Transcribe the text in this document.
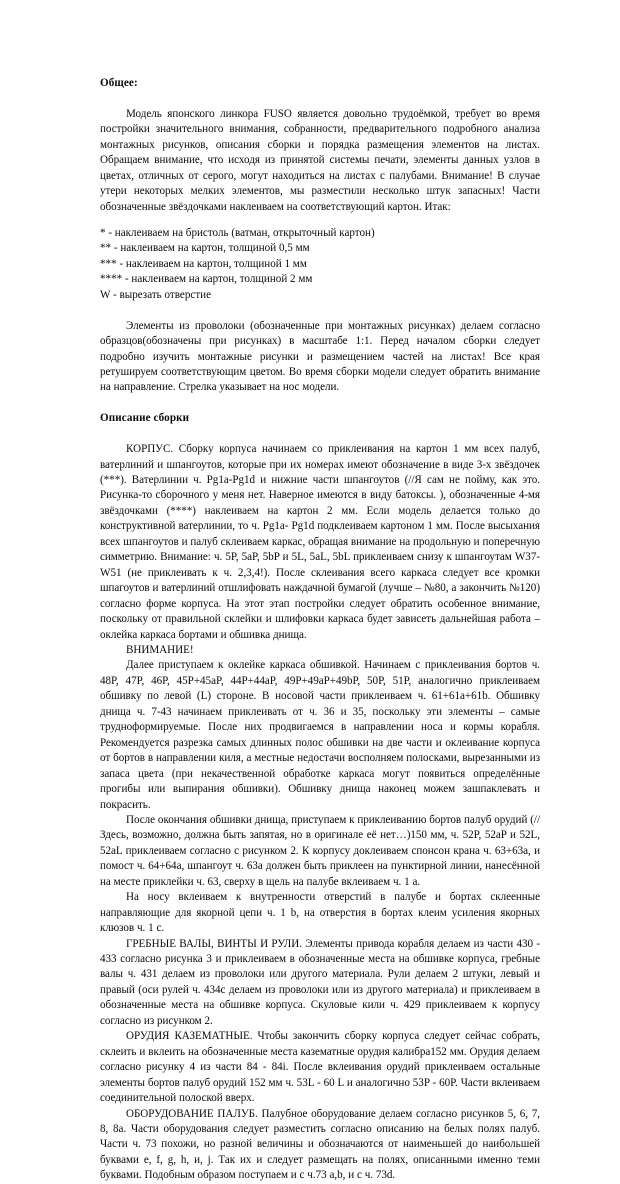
Общее:

Модель японского линкора FUSO является довольно трудоёмкой, требует во время постройки значительного внимания, собранности, предварительного подробного анализа монтажных рисунков, описания сборки и порядка размещения элементов на листах. Обращаем внимание, что исходя из принятой системы печати, элементы данных узлов в цветах, отличных от серого, могут находиться на листах с палубами. Внимание! В случае утери некоторых мелких элементов, мы разместили несколько штук запасных! Части обозначенные звёздочками наклеиваем на соответствующий картон. Итак:

* - наклеиваем на бристоль (ватман, открыточный картон)
** - наклеиваем на картон, толщиной 0,5 мм
*** - наклеиваем на картон, толщиной 1 мм
**** - наклеиваем на картон, толщиной 2 мм
W - вырезать отверстие

Элементы из проволоки (обозначенные при монтажных рисунках) делаем согласно образцов(обозначены при рисунках) в масштабе 1:1. Перед началом сборки следует подробно изучить монтажные рисунки и размещением частей на листах! Все края ретушируем соответствующим цветом. Во время сборки модели следует обратить внимание на направление. Стрелка указывает на нос модели.

Описание сборки

КОРПУС. Сборку корпуса начинаем со приклеивания на картон 1 мм всех палуб, ватерлиний и шпангоутов, которые при их номерах имеют обозначение в виде 3-х звёздочек (***). Ватерлинии ч. Pg1a-Pg1d и нижние части шпангоутов (//Я сам не пойму, как это. Рисунка-то сборочного у меня нет. Наверное имеются в виду батоксы. ), обозначенные 4-мя звёздочками (****) наклеиваем на картон 2 мм. Если модель делается только до конструктивной ватерлинии, то ч. Pg1a- Pg1d подклеиваем картоном 1 мм. После высыхания всех шпангоутов и палуб склеиваем каркас, обращая внимание на продольную и поперечную симметрию. Внимание: ч. 5P, 5aP, 5bP и 5L, 5aL, 5bL приклеиваем снизу к шпангоутам W37-W51 (не приклеивать к ч. 2,3,4!). После склеивания всего каркаса следует все кромки шпагоутов и ватерлиний отшлифовать наждачной бумагой (лучше – №80, а закончить №120) согласно форме корпуса. На этот этап постройки следует обратить особенное внимание, поскольку от правильной склейки и шлифовки каркаса будет зависеть дальнейшая работа – оклейка каркаса бортами и обшивка днища.

ВНИМАНИЕ!

Далее приступаем к оклейке каркаса обшивкой. Начинаем с приклеивания бортов ч. 48P, 47P, 46P, 45P+45aP, 44P+44aP, 49P+49aP+49bP, 50P, 51P, аналогично приклеиваем обшивку по левой (L) стороне. В носовой части приклеиваем ч. 61+61a+61b. Обшивку днища ч. 7-43 начинаем приклеивать от ч. 36 и 35, поскольку эти элементы – самые трудноформируемые. После них продвигаемся в направлении носа и кормы корабля. Рекомендуется разрезка самых длинных полос обшивки на две части и оклеивание корпуса от бортов в направлении киля, а местные недостачи восполняем полосками, вырезанными из запаса цвета (при некачественной обработке каркаса могут появиться определённые прогибы или выпирания обшивки). Обшивку днища наконец можем зашпаклевать и покрасить.

После окончания обшивки днища, приступаем к приклеиванию бортов палуб орудий (//Здесь, возможно, должна быть запятая, но в оригинале её нет…)150 мм, ч. 52P, 52aP и 52L, 52aL приклеиваем согласно с рисунком 2. К корпусу доклеиваем спонсон крана ч. 63+63a, и помост ч. 64+64a, шпангоут ч. 63a должен быть приклеен на пунктирной линии, нанесённой на месте приклейки ч. 63, сверху в щель на палубе вклеиваем ч. 1 a.

На носу вклеиваем к внутренности отверстий в палубе и бортах склеенные направляющие для якорной цепи ч. 1 b, на отверстия в бортах клеим усиления якорных клюзов ч. 1 c.

ГРЕБНЫЕ ВАЛЫ, ВИНТЫ И РУЛИ. Элементы привода корабля делаем из части 430 - 433 согласно рисунка 3 и приклеиваем в обозначенные места на обшивке корпуса, гребные валы ч. 431 делаем из проволоки или другого материала. Рули делаем 2 штуки, левый и правый (оси рулей ч. 434c делаем из проволоки или из другого материала) и приклеиваем в обозначенные места на обшивке корпуса. Скуловые кили ч. 429 приклеиваем к корпусу согласно из рисунком 2.

ОРУДИЯ КАЗЕМАТНЫЕ. Чтобы закончить сборку корпуса следует сейчас собрать, склеить и вклеить на обозначенные места казематные орудия калибра152 мм. Орудия делаем согласно рисунку 4 из части 84 - 84i. После вклеивания орудий приклеиваем остальные элементы бортов палуб орудий 152 мм ч. 53L - 60 L и аналогично 53P - 60P. Части вклеиваем соединительной полоской вверх.

ОБОРУДОВАНИЕ ПАЛУБ. Палубное оборудование делаем согласно рисунков 5, 6, 7, 8, 8a. Части оборудования следует разместить согласно описанию на белых полях палуб. Части ч. 73 похожи, но разной величины и обозначаются от наименьшей до наибольшей буквами e, f, g, h, и, j. Так их и следует размещать на полях, описанными именно теми буквами. Подобным образом поступаем и с ч.73 a,b, и с ч. 73d.
